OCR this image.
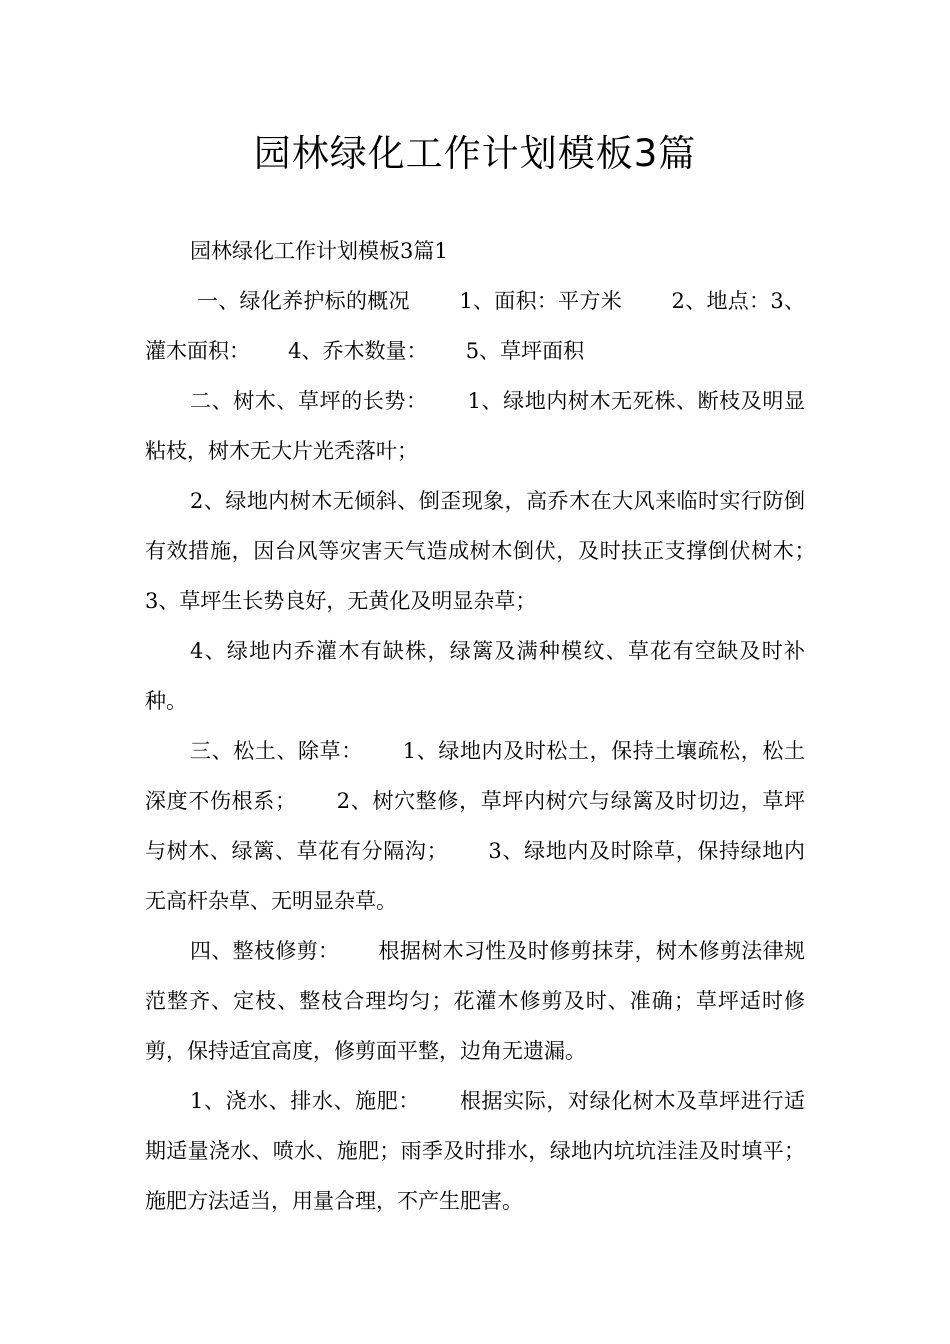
园林绿化工作计划模板3篇

园林绿化工作计划模板3篇1

一、绿化养护标的概况　　 1、面积：平方米　　 2、地点：3、灌木面积：　　 4、乔木数量：　　 5、草坪面积

二、树木、草坪的长势：　　 1、绿地内树木无死株、断枝及明显粘枝，树木无大片光秃落叶；

2、绿地内树木无倾斜、倒歪现象，高乔木在大风来临时实行防倒有效措施，因台风等灾害天气造成树木倒伏，及时扶正支撑倒伏树木；　　 3、草坪生长势良好，无黄化及明显杂草；

4、绿地内乔灌木有缺株，绿篱及满种模纹、草花有空缺及时补种。

三、松土、除草：　　 1、绿地内及时松土，保持土壤疏松，松土深度不伤根系；　　 2、树穴整修，草坪内树穴与绿篱及时切边，草坪与树木、绿篱、草花有分隔沟；　　 3、绿地内及时除草，保持绿地内无高杆杂草、无明显杂草。

四、整枝修剪：　　 根据树木习性及时修剪抹芽，树木修剪法律规范整齐、定枝、整枝合理均匀；花灌木修剪及时、准确；草坪适时修剪，保持适宜高度，修剪面平整，边角无遗漏。

1、浇水、排水、施肥：　　 根据实际，对绿化树木及草坪进行适期适量浇水、喷水、施肥；雨季及时排水，绿地内坑坑洼洼及时填平；施肥方法适当，用量合理，不产生肥害。
